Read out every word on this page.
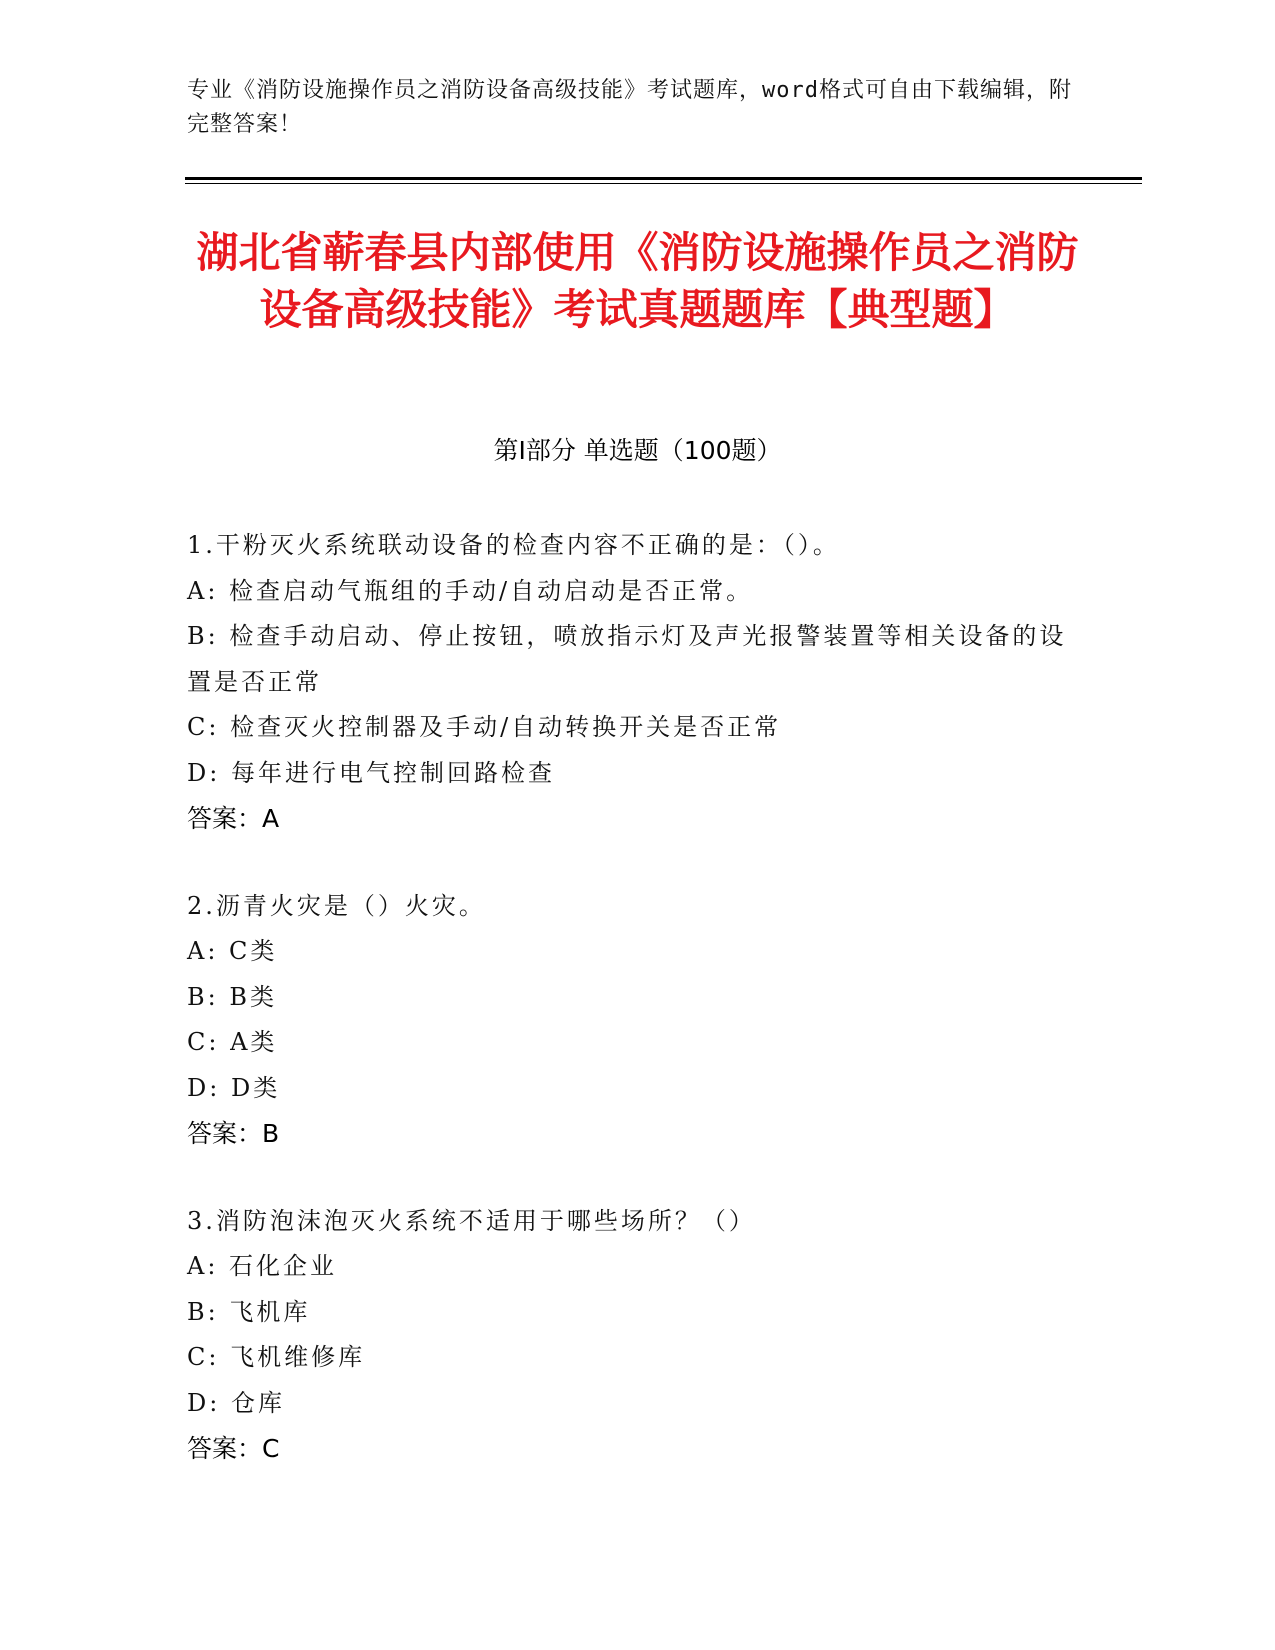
专业《消防设施操作员之消防设备高级技能》考试题库，word格式可自由下载编辑，附完整答案！
湖北省蕲春县内部使用《消防设施操作员之消防设备高级技能》考试真题题库【典型题】
第I部分 单选题（100题）
1.干粉灭火系统联动设备的检查内容不正确的是：（）。
A: 检查启动气瓶组的手动/自动启动是否正常。
B: 检查手动启动、停止按钮，喷放指示灯及声光报警装置等相关设备的设置是否正常
C: 检查灭火控制器及手动/自动转换开关是否正常
D: 每年进行电气控制回路检查
答案：A
2.沥青火灾是（）火灾。
A: C类
B: B类
C: A类
D: D类
答案：B
3.消防泡沫泡灭火系统不适用于哪些场所？（）
A: 石化企业
B: 飞机库
C: 飞机维修库
D: 仓库
答案：C
